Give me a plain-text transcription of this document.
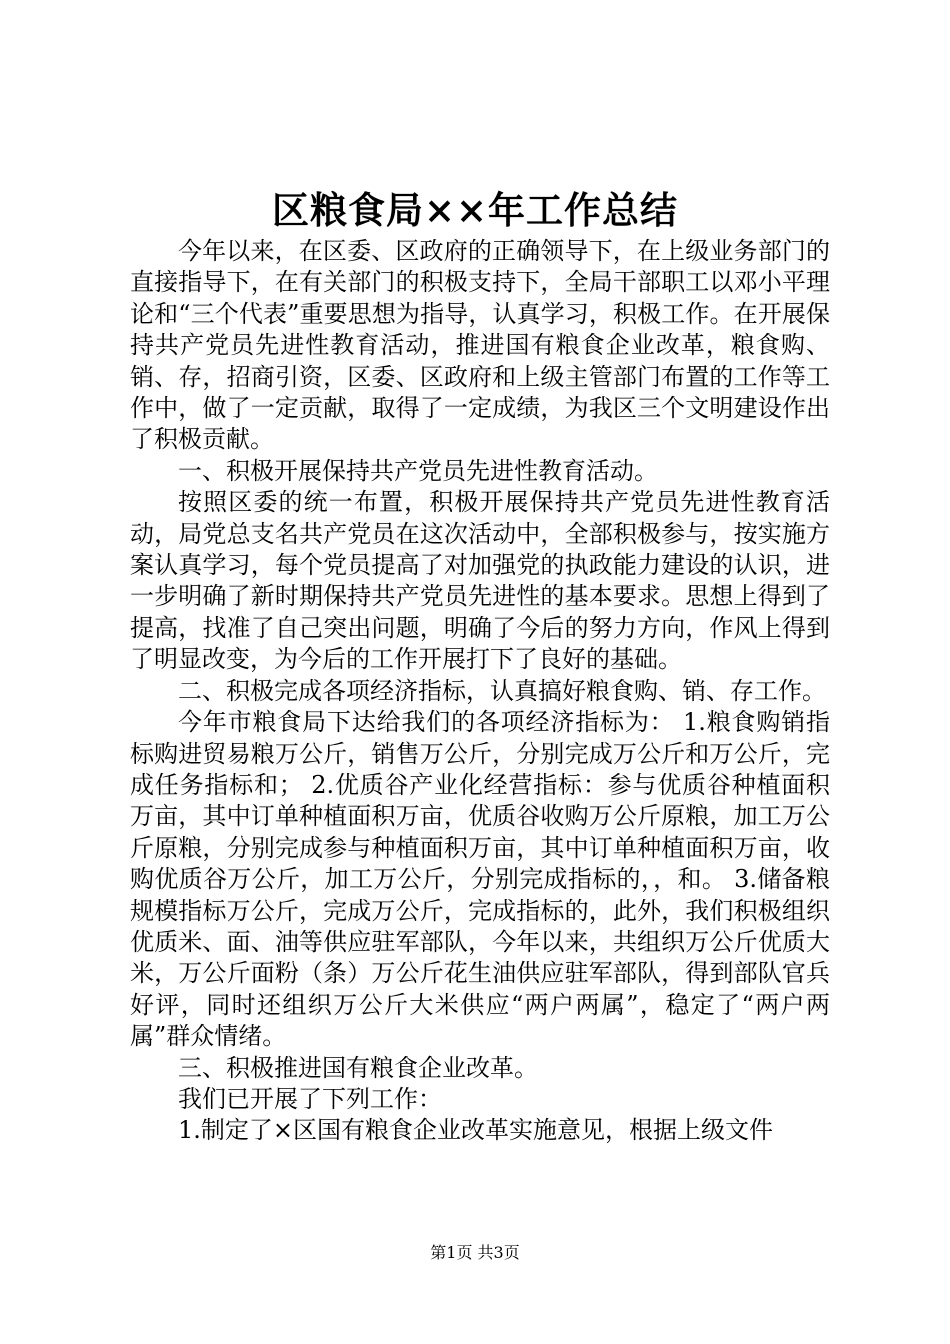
区粮食局××年工作总结

今年以来，在区委、区政府的正确领导下，在上级业务部门的直接指导下，在有关部门的积极支持下，全局干部职工以邓小平理论和“三个代表”重要思想为指导，认真学习，积极工作。在开展保持共产党员先进性教育活动，推进国有粮食企业改革，粮食购、销、存，招商引资，区委、区政府和上级主管部门布置的工作等工作中，做了一定贡献，取得了一定成绩，为我区三个文明建设作出了积极贡献。

一、积极开展保持共产党员先进性教育活动。

按照区委的统一布置，积极开展保持共产党员先进性教育活动，局党总支名共产党员在这次活动中，全部积极参与，按实施方案认真学习，每个党员提高了对加强党的执政能力建设的认识，进一步明确了新时期保持共产党员先进性的基本要求。思想上得到了提高，找准了自己突出问题，明确了今后的努力方向，作风上得到了明显改变，为今后的工作开展打下了良好的基础。

二、积极完成各项经济指标，认真搞好粮食购、销、存工作。

今年市粮食局下达给我们的各项经济指标为： 1.粮食购销指标购进贸易粮万公斤，销售万公斤，分别完成万公斤和万公斤，完成任务指标和； 2.优质谷产业化经营指标：参与优质谷种植面积万亩，其中订单种植面积万亩，优质谷收购万公斤原粮，加工万公斤原粮，分别完成参与种植面积万亩，其中订单种植面积万亩，收购优质谷万公斤，加工万公斤，分别完成指标的，，和。 3.储备粮规模指标万公斤，完成万公斤，完成指标的，此外，我们积极组织优质米、面、油等供应驻军部队，今年以来，共组织万公斤优质大米，万公斤面粉（条）万公斤花生油供应驻军部队，得到部队官兵好评，同时还组织万公斤大米供应“两户两属”，稳定了“两户两属”群众情绪。

三、积极推进国有粮食企业改革。

我们已开展了下列工作：

1.制定了×区国有粮食企业改革实施意见，根据上级文件

第1页 共3页
